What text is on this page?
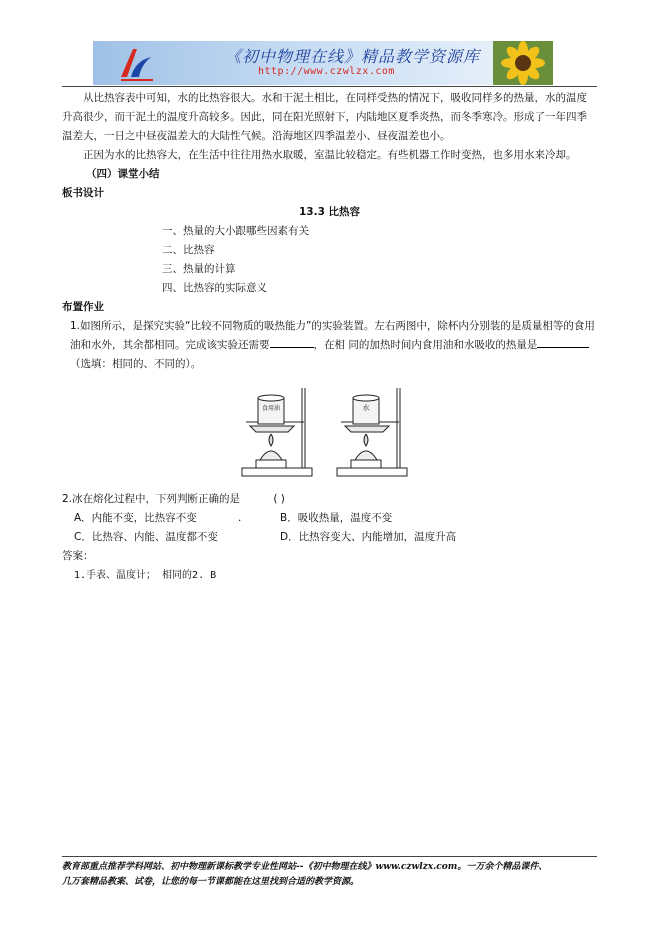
《初中物理在线》精品教学资源库
http://www.czwlzx.com

从比热容表中可知，水的比热容很大。水和干泥土相比，在同样受热的情况下，吸收同样多的热量，水的温度升高很少，而干泥土的温度升高较多。因此，同在阳光照射下，内陆地区夏季炎热，而冬季寒冷。形成了一年四季温差大，一日之中昼夜温差大的大陆性气候。沿海地区四季温差小、昼夜温差也小。

正因为水的比热容大，在生活中往往用热水取暖，室温比较稳定。有些机器工作时变热，也多用水来冷却。

（四）课堂小结

板书设计

13.3 比热容

一、热量的大小跟哪些因素有关

二、比热容

三、热量的计算

四、比热容的实际意义

布置作业

1.如图所示，是探究实验“比较不同物质的吸热能力”的实验装置。左右两图中，除杯内分别装的是质量相等的食用油和水外，其余都相同。完成该实验还需要	，在相 同的加热时间内食用油和水吸收的热量是（选填：相同的、不同的）。

食用油	水

2.冰在熔化过程中，下列判断正确的是	( )

A．内能不变，比热容不变	.	B．吸收热量，温度不变
C．比热容、内能、温度都不变	D．比热容变大、内能增加，温度升高

答案：

1.手表、温度计； 相同的2. B

教育部重点推荐学科网站、初中物理新课标教学专业性网站--《初中物理在线》www.czwlzx.com。一万余个精品课件、
几万套精品教案、试卷，让您的每一节课都能在这里找到合适的教学资源。
